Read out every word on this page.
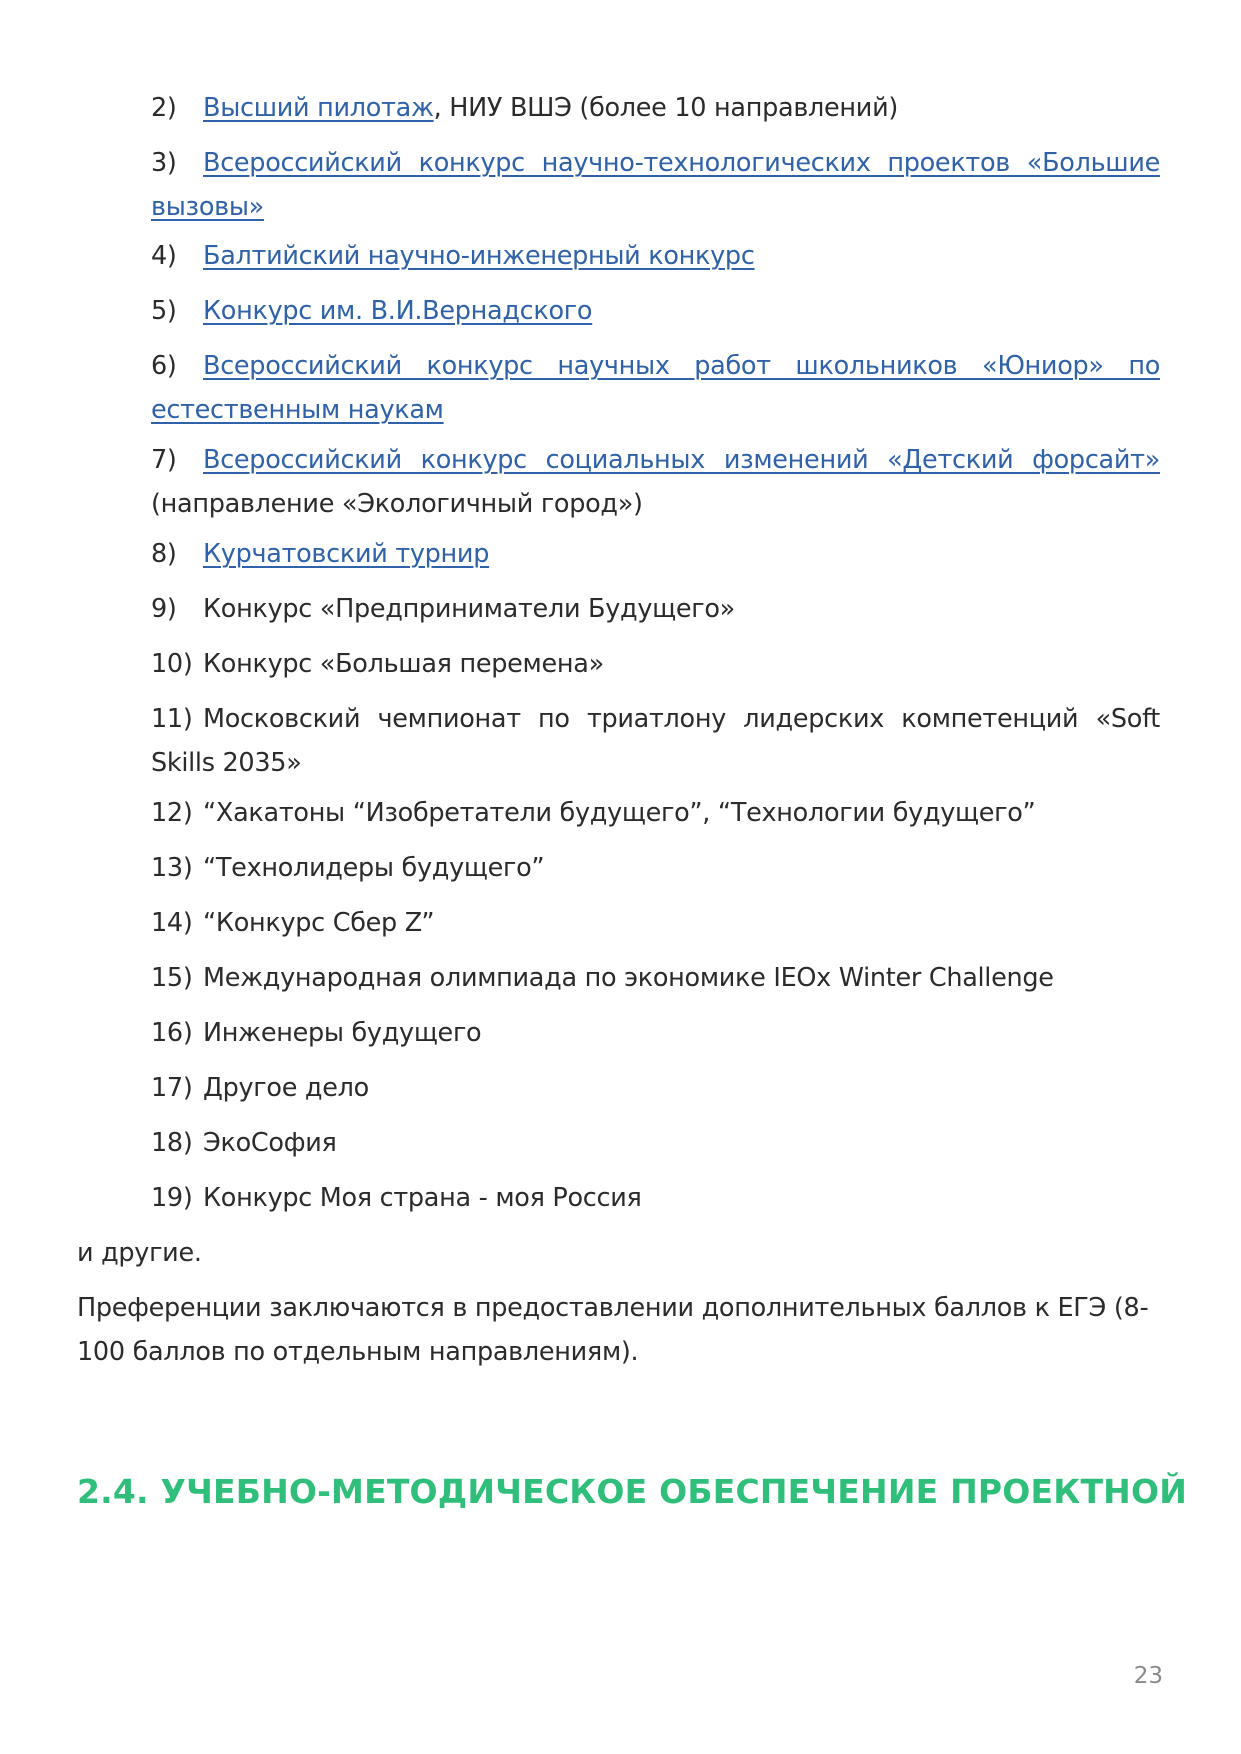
2) Высший пилотаж, НИУ ВШЭ (более 10 направлений)
3) Всероссийский конкурс научно-технологических проектов «Большие вызовы»
4) Балтийский научно-инженерный конкурс
5) Конкурс им. В.И.Вернадского
6) Всероссийский конкурс научных работ школьников «Юниор» по естественным наукам
7) Всероссийский конкурс социальных изменений «Детский форсайт» (направление «Экологичный город»)
8) Курчатовский турнир
9) Конкурс «Предприниматели Будущего»
10) Конкурс «Большая перемена»
11) Московский чемпионат по триатлону лидерских компетенций «Soft Skills 2035»
12) “Хакатоны “Изобретатели будущего”, “Технологии будущего”
13) “Технолидеры будущего”
14) “Конкурс Сбер Z”
15) Международная олимпиада по экономике IEOx Winter Challenge
16) Инженеры будущего
17) Другое дело
18) ЭкоСофия
19) Конкурс Моя страна - моя Россия
и другие.
Преференции заключаются в предоставлении дополнительных баллов к ЕГЭ (8-100 баллов по отдельным направлениям).
2.4. УЧЕБНО-МЕТОДИЧЕСКОЕ ОБЕСПЕЧЕНИЕ ПРОЕКТНОЙ
23
